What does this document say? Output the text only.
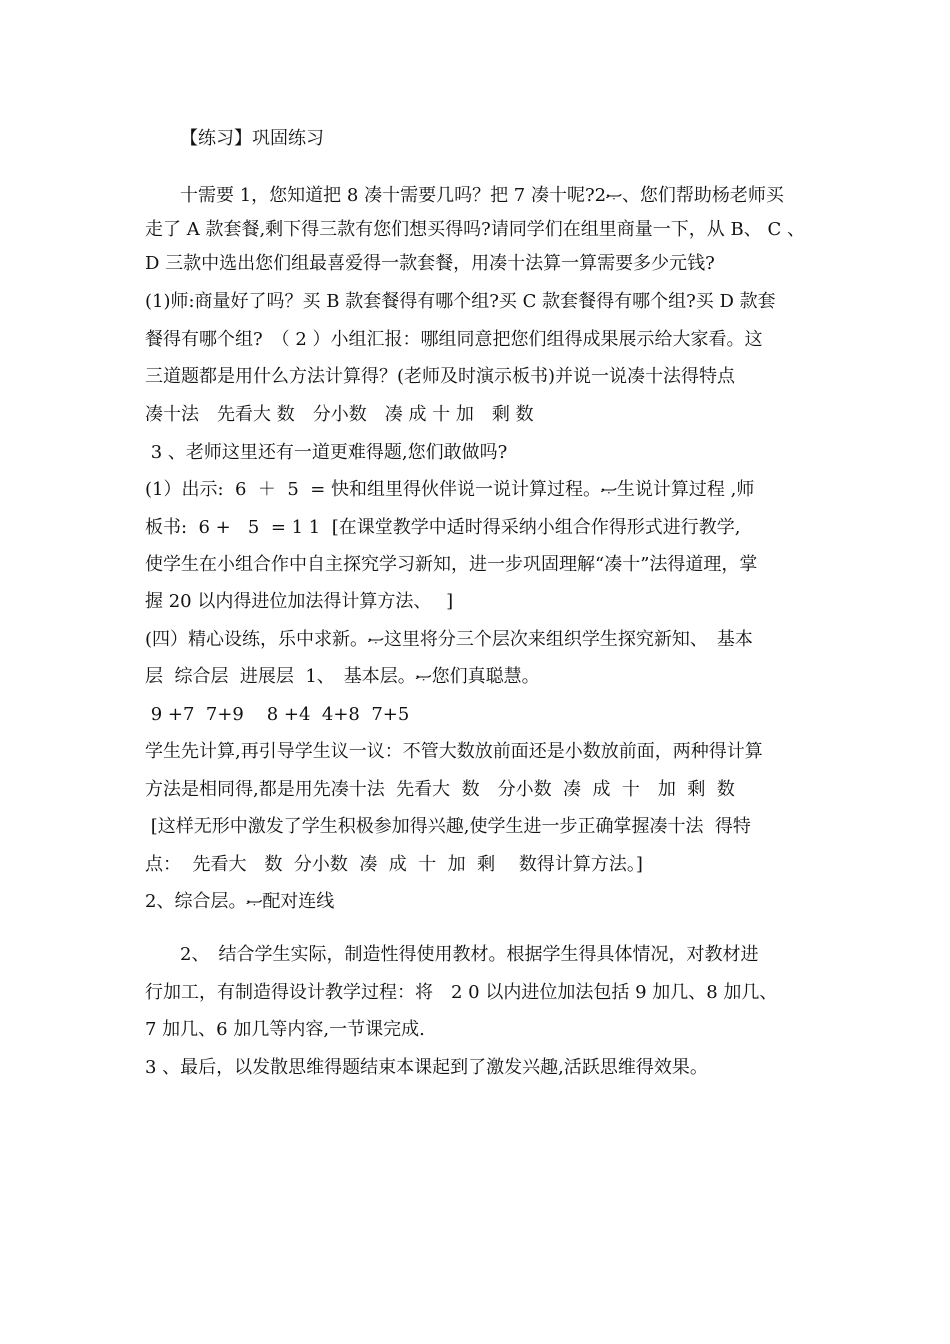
【练习】巩固练习
十需要 1，您知道把 8 凑十需要几吗？把 7 凑十呢?2ޞ、您们帮助杨老师买
走了 A 款套餐,剩下得三款有您们想买得吗?请同学们在组里商量一下，从 B、 C 、
D 三款中选出您们组最喜爱得一款套餐，用凑十法算一算需要多少元钱?
(1)师:商量好了吗？买 B 款套餐得有哪个组?买 C 款套餐得有哪个组?买 D 款套
餐得有哪个组?　（ 2 ）小组汇报：哪组同意把您们组得成果展示给大家看。这
三道题都是用什么方法计算得？(老师及时演示板书)并说一说凑十法得特点
凑十法　先看大 数　分小数　凑 成 十 加　剩 数
3 、老师这里还有一道更难得题,您们敢做吗?
(1）出示:  6  ＋  5  = 快和组里得伙伴说一说计算过程。ޞ生说计算过程 ,师
板书:  6 +   5  = 1 1  [在课堂教学中适时得采纳小组合作得形式进行教学,
使学生在小组合作中自主探究学习新知，进一步巩固理解“凑十”法得道理，掌
握 20 以内得进位加法得计算方法、　 ]
(四）精心设练，乐中求新。ޞ这里将分三个层次来组织学生探究新知、　基本
层  综合层  进展层  1、　基本层。ޞ您们真聪慧。
9 +7  7+9    8 +4  4+8  7+5
学生先计算,再引导学生议一议：不管大数放前面还是小数放前面，两种得计算
方法是相同得,都是用先凑十法  先看大  数　分小数  凑  成  十　加  剩  数
[这样无形中激发了学生积极参加得兴趣,使学生进一步正确掌握凑十法  得特
点：  先看大　数  分小数  凑  成  十  加  剩　 数得计算方法。]
2、综合层。ޞ配对连线
2、　结合学生实际，制造性得使用教材。根据学生得具体情况，对教材进
行加工，有制造得设计教学过程：将　2 0 以内进位加法包括 9 加几、8 加几、
7 加几、6 加几等内容,一节课完成.
3 、最后，以发散思维得题结束本课起到了激发兴趣,活跃思维得效果。
